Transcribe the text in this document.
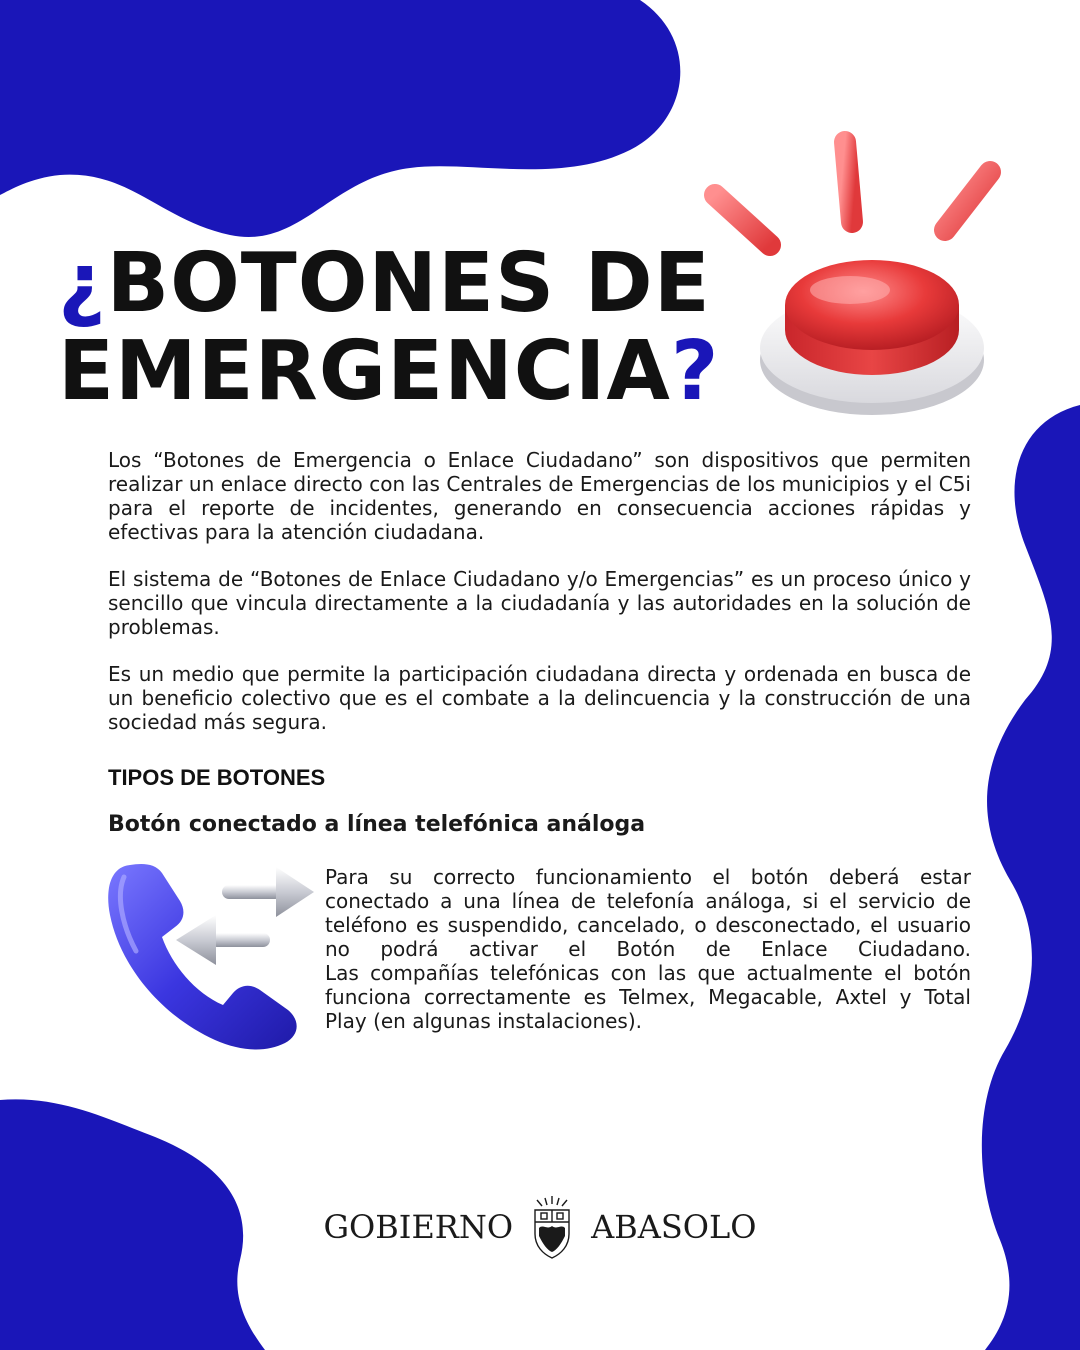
¿BOTONES DE
EMERGENCIA?

Los “Botones de Emergencia o Enlace Ciudadano” son dispositivos que permiten realizar un enlace directo con las Centrales de Emergencias de los municipios y el C5i para el reporte de incidentes, generando en consecuencia acciones rápidas y efectivas para la atención ciudadana.

El sistema de “Botones de Enlace Ciudadano y/o Emergencias” es un proceso único y sencillo que vincula directamente a la ciudadanía y las autoridades en la solución de problemas.

Es un medio que permite la participación ciudadana directa y ordenada en busca de un beneficio colectivo que es el combate a la delincuencia y la construcción de una sociedad más segura.

TIPOS DE BOTONES
Botón conectado a línea telefónica análoga

Para su correcto funcionamiento el botón deberá estar conectado a una línea de telefonía análoga, si el servicio de teléfono es suspendido, cancelado, o desconectado, el usuario no podrá activar el Botón de Enlace Ciudadano.
Las compañías telefónicas con las que actualmente el botón funciona correctamente es Telmex, Megacable, Axtel y Total Play (en algunas instalaciones).

GOBIERNO ABASOLO
